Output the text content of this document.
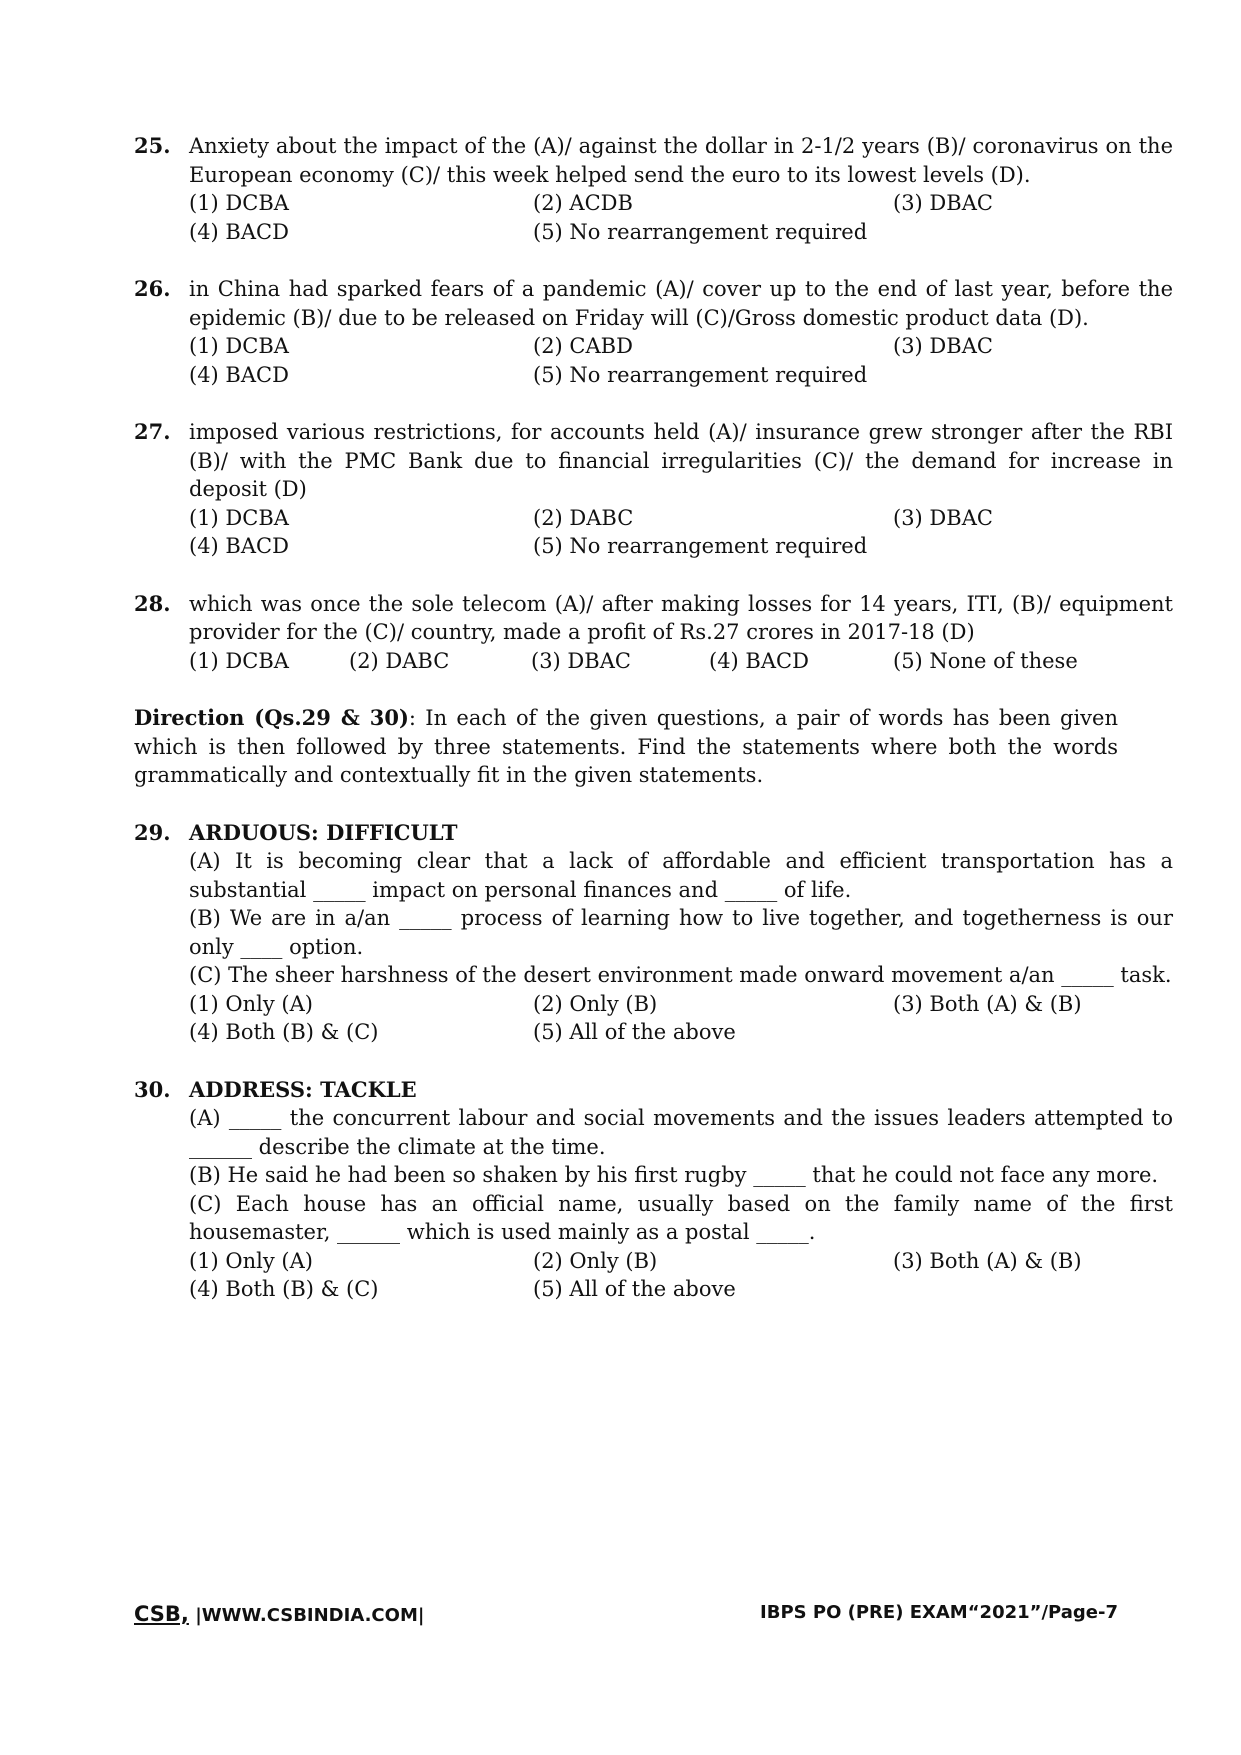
25. Anxiety about the impact of the (A)/ against the dollar in 2-1/2 years (B)/ coronavirus on the European economy (C)/ this week helped send the euro to its lowest levels (D).
(1) DCBA	(2) ACDB	(3) DBAC
(4) BACD	(5) No rearrangement required
26. in China had sparked fears of a pandemic (A)/ cover up to the end of last year, before the epidemic (B)/ due to be released on Friday will (C)/Gross domestic product data (D).
(1) DCBA	(2) CABD	(3) DBAC
(4) BACD	(5) No rearrangement required
27. imposed various restrictions, for accounts held (A)/ insurance grew stronger after the RBI (B)/ with the PMC Bank due to financial irregularities (C)/ the demand for increase in deposit (D)
(1) DCBA	(2) DABC	(3) DBAC
(4) BACD	(5) No rearrangement required
28. which was once the sole telecom (A)/ after making losses for 14 years, ITI, (B)/ equipment provider for the (C)/ country, made a profit of Rs.27 crores in 2017-18 (D)
(1) DCBA	(2) DABC	(3) DBAC	(4) BACD	(5) None of these
Direction (Qs.29 & 30): In each of the given questions, a pair of words has been given which is then followed by three statements. Find the statements where both the words grammatically and contextually fit in the given statements.
29. ARDUOUS: DIFFICULT
(A) It is becoming clear that a lack of affordable and efficient transportation has a substantial _____ impact on personal finances and _____ of life.
(B) We are in a/an _____ process of learning how to live together, and togetherness is our only ____ option.
(C) The sheer harshness of the desert environment made onward movement a/an _____ task.
(1) Only (A)	(2) Only (B)	(3) Both (A) & (B)
(4) Both (B) & (C)	(5) All of the above
30. ADDRESS: TACKLE
(A) _____ the concurrent labour and social movements and the issues leaders attempted to ______ describe the climate at the time.
(B) He said he had been so shaken by his first rugby _____ that he could not face any more.
(C) Each house has an official name, usually based on the family name of the first housemaster, ______ which is used mainly as a postal _____.
(1) Only (A)	(2) Only (B)	(3) Both (A) & (B)
(4) Both (B) & (C)	(5) All of the above
CSB, |WWW.CSBINDIA.COM|	IBPS PO (PRE) EXAM“2021”/Page-7
